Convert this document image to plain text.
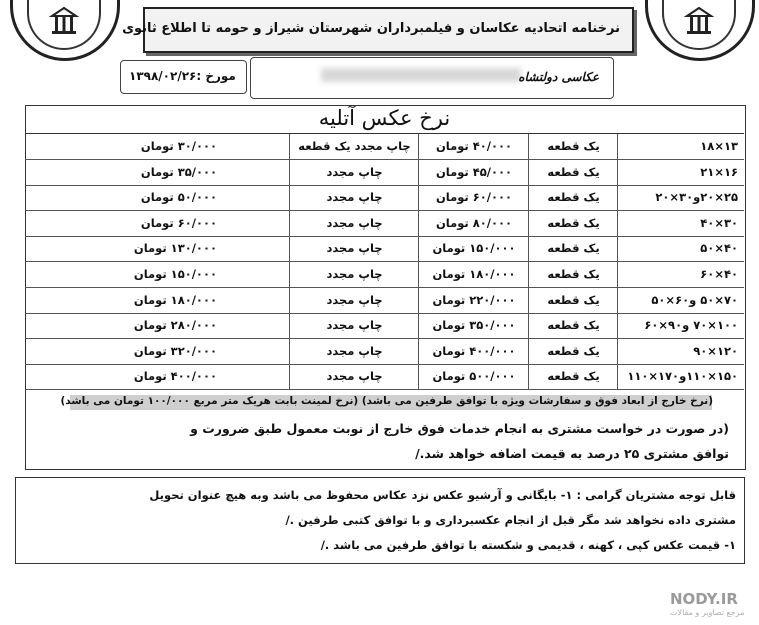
نرخنامه اتحادیه عکاسان و فیلمبرداران شهرستان شیراز و حومه تا اطلاع ثانوی
مورخ :۱۳۹۸/۰۲/۲۶	عکاسی دولتشاه
نرخ عکس آتلیه
۱۳×۱۸
یک قطعه
۴۰/۰۰۰ تومان
چاپ مجدد یک قطعه
۳۰/۰۰۰ تومان
۱۶×۲۱
یک قطعه
۴۵/۰۰۰ تومان
چاپ مجدد
۳۵/۰۰۰ تومان
۲۵×۲۰و۳۰×۲۰
یک قطعه
۶۰/۰۰۰ تومان
چاپ مجدد
۵۰/۰۰۰ تومان
۳۰×۴۰
یک قطعه
۸۰/۰۰۰ تومان
چاپ مجدد
۶۰/۰۰۰ تومان
۴۰×۵۰
یک قطعه
۱۵۰/۰۰۰ تومان
چاپ مجدد
۱۳۰/۰۰۰ تومان
۴۰×۶۰
یک قطعه
۱۸۰/۰۰۰ تومان
چاپ مجدد
۱۵۰/۰۰۰ تومان
۷۰×۵۰ و۶۰×۵۰
یک قطعه
۲۲۰/۰۰۰ تومان
چاپ مجدد
۱۸۰/۰۰۰ تومان
۱۰۰×۷۰ و۹۰×۶۰
یک قطعه
۳۵۰/۰۰۰ تومان
چاپ مجدد
۲۸۰/۰۰۰ تومان
۱۲۰×۹۰
یک قطعه
۴۰۰/۰۰۰ تومان
چاپ مجدد
۳۲۰/۰۰۰ تومان
۱۵۰×۱۱۰و۱۷۰×۱۱۰
یک قطعه
۵۰۰/۰۰۰ تومان
چاپ مجدد
۴۰۰/۰۰۰ تومان
(نرخ خارج از ابعاد فوق و سفارشات ویژه با توافق طرفین می باشد) (نرخ لمینت بابت هریک متر مربع ۱۰۰/۰۰۰ تومان می باشد)
(در صورت در خواست مشتری به انجام خدمات فوق خارج از نوبت معمول طبق ضرورت و
توافق مشتری ۲۵ درصد به قیمت اضافه خواهد شد./
قابل توجه مشتریان گرامی : ۱- بایگانی و آرشیو عکس نزد عکاس محفوظ می باشد وبه هیچ عنوان تحویل
مشتری داده نخواهد شد مگر قبل از انجام عکسبرداری و با توافق کتبی طرفین ./
۱- قیمت عکس کپی ، کهنه ، قدیمی و شکسته با توافق طرفین می باشد ./
NODY.IR
مرجع تصاویر و مقالات
